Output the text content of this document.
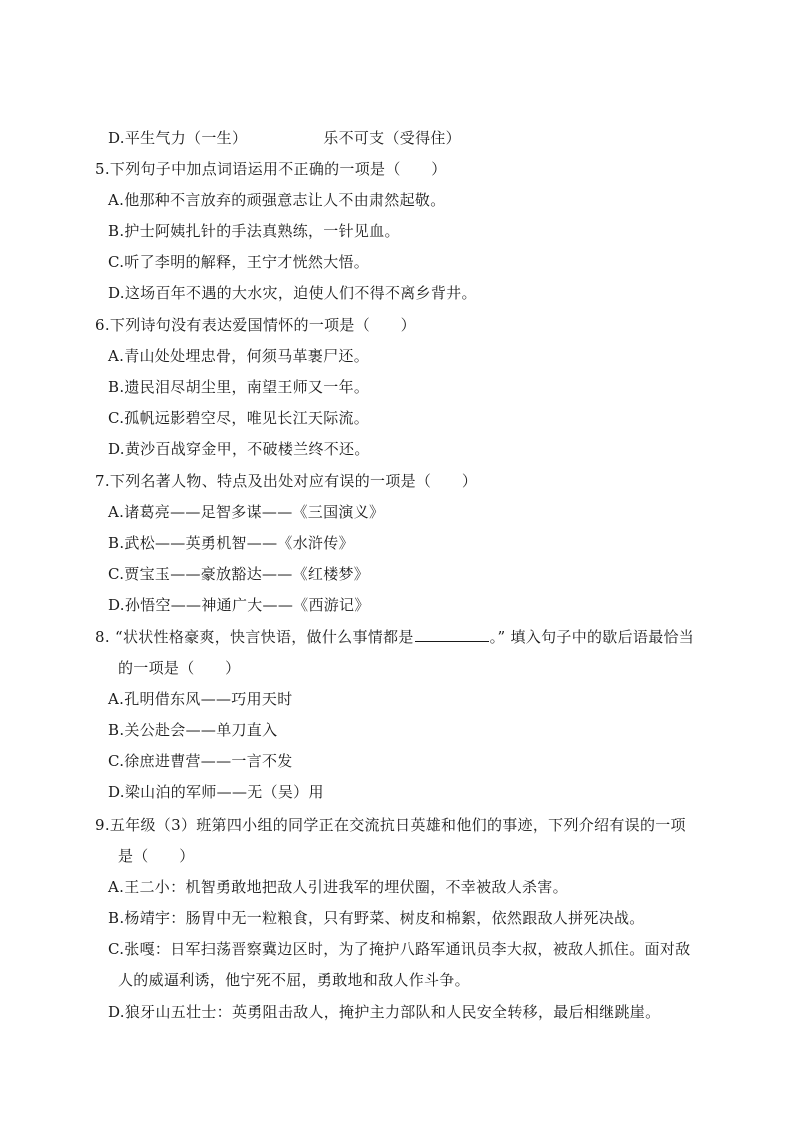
D.平生气力（一生）	乐不可支（受得住）
5.下列句子中加点词语运用不正确的一项是（　　）
A.他那种不言放弃的顽强意志让人不由肃然起敬。
B.护士阿姨扎针的手法真熟练，一针见血。
C.听了李明的解释，王宁才恍然大悟。
D.这场百年不遇的大水灾，迫使人们不得不离乡背井。
6.下列诗句没有表达爱国情怀的一项是（　　）
A.青山处处埋忠骨，何须马革裹尸还。
B.遗民泪尽胡尘里，南望王师又一年。
C.孤帆远影碧空尽，唯见长江天际流。
D.黄沙百战穿金甲，不破楼兰终不还。
7.下列名著人物、特点及出处对应有误的一项是（　　）
A.诸葛亮——足智多谋——《三国演义》
B.武松——英勇机智——《水浒传》
C.贾宝玉——豪放豁达——《红楼梦》
D.孙悟空——神通广大——《西游记》
8. “状状性格豪爽，快言快语，做什么事情都是	。” 填入句子中的歇后语最恰当
的一项是（　　）
A.孔明借东风——巧用天时
B.关公赴会——单刀直入
C.徐庶进曹营——一言不发
D.梁山泊的军师——无（吴）用
9.五年级（3）班第四小组的同学正在交流抗日英雄和他们的事迹，下列介绍有误的一项
是（　　）
A.王二小：机智勇敢地把敌人引进我军的埋伏圈，不幸被敌人杀害。
B.杨靖宇：肠胃中无一粒粮食，只有野菜、树皮和棉絮，依然跟敌人拼死决战。
C.张嘎：日军扫荡晋察冀边区时，为了掩护八路军通讯员李大叔，被敌人抓住。面对敌
人的威逼利诱，他宁死不屈，勇敢地和敌人作斗争。
D.狼牙山五壮士：英勇阻击敌人，掩护主力部队和人民安全转移，最后相继跳崖。
